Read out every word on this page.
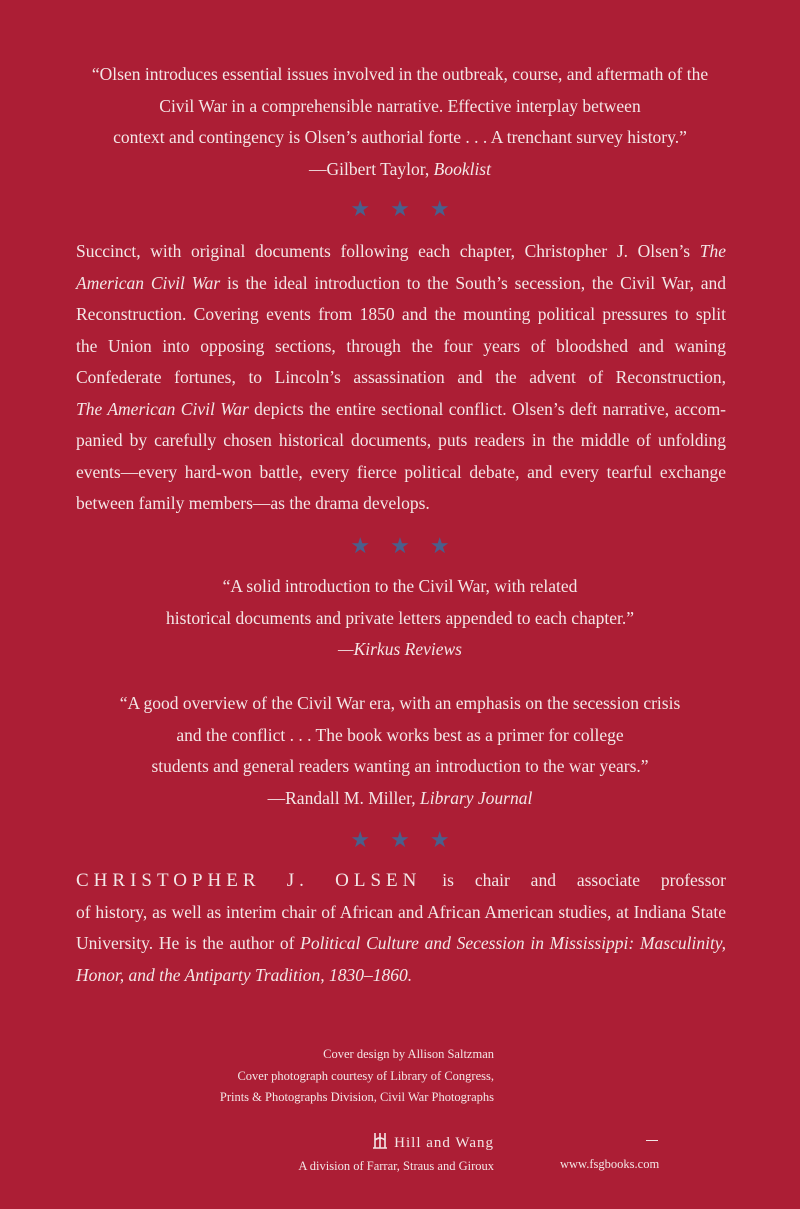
“Olsen introduces essential issues involved in the outbreak, course, and aftermath of the
Civil War in a comprehensible narrative. Effective interplay between
context and contingency is Olsen’s authorial forte . . . A trenchant survey history.”
—Gilbert Taylor, Booklist
★★★
Succinct, with original documents following each chapter, Christopher J. Olsen’s The
American Civil War is the ideal introduction to the South’s secession, the Civil War, and
Reconstruction. Covering events from 1850 and the mounting political pressures to split
the Union into opposing sections, through the four years of bloodshed and waning
Confederate fortunes, to Lincoln’s assassination and the advent of Reconstruction,
The American Civil War depicts the entire sectional conflict. Olsen’s deft narrative, accom-
panied by carefully chosen historical documents, puts readers in the middle of unfolding
events—every hard-won battle, every fierce political debate, and every tearful exchange
between family members—as the drama develops.
★★★
“A solid introduction to the Civil War, with related
historical documents and private letters appended to each chapter.”
—Kirkus Reviews
“A good overview of the Civil War era, with an emphasis on the secession crisis
and the conflict . . . The book works best as a primer for college
students and general readers wanting an introduction to the war years.”
—Randall M. Miller, Library Journal
★★★
CHRISTOPHER J. OLSEN is chair and associate professor
of history, as well as interim chair of African and African American studies, at Indiana State
University. He is the author of Political Culture and Secession in Mississippi: Masculinity,
Honor, and the Antiparty Tradition, 1830–1860.
Cover design by Allison Saltzman
Cover photograph courtesy of Library of Congress,
Prints & Photographs Division, Civil War Photographs
Hill and Wang
A division of Farrar, Straus and Giroux	www.fsgbooks.com
